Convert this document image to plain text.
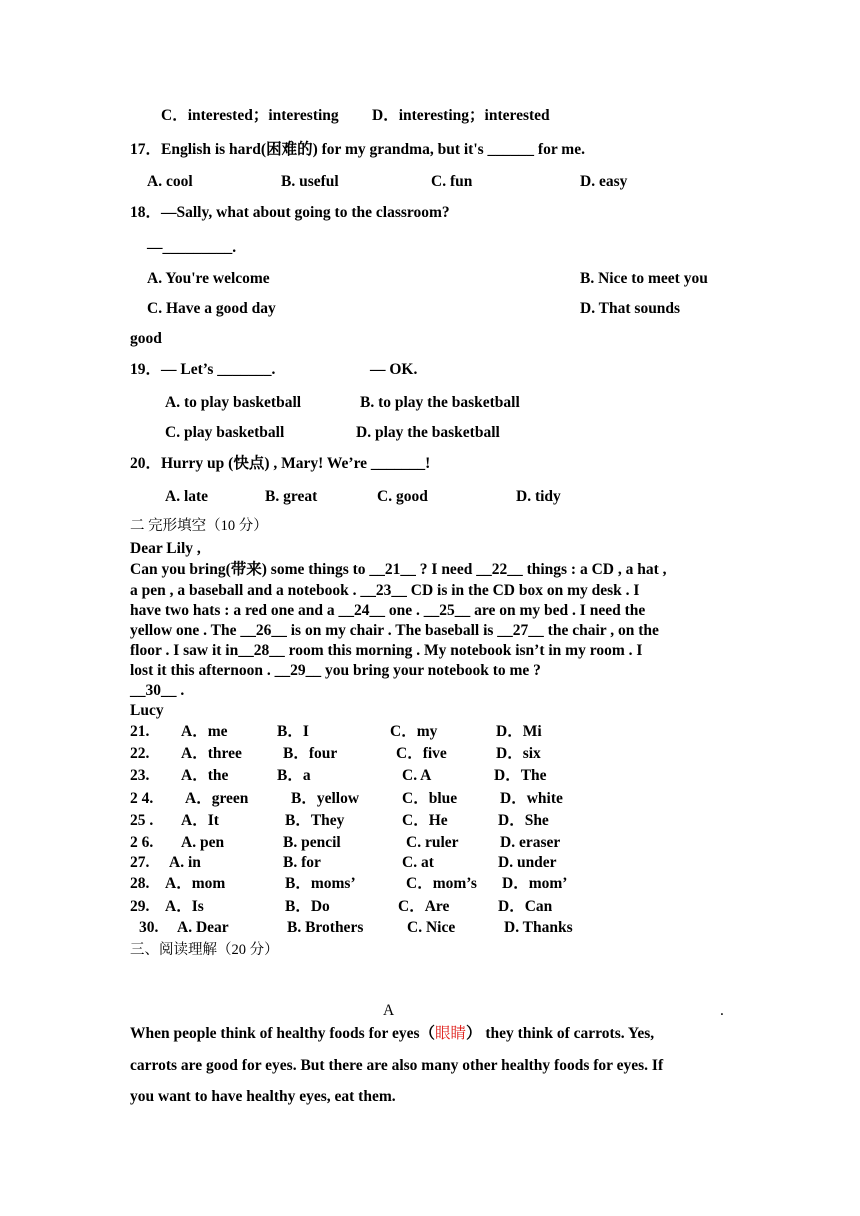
C．interested；interesting D．interesting；interested
17．English is hard(困难的) for my grandma, but it's ______ for me.
A. cool	B. useful	C. fun	D. easy
18．—Sally, what about going to the classroom?
—_________.
A. You're welcome	B. Nice to meet you
C. Have a good day	D. That sounds
good
19．— Let’s _______.	— OK.
A. to play basketball	B. to play the basketball
C. play basketball	D. play the basketball
20．Hurry up (快点) , Mary! We’re _______!
A. late	B. great	C. good	D. tidy
二 完形填空（10 分）
Dear Lily ,
Can you bring(带来) some things to __21__ ? I need __22__ things : a CD , a hat ,
a pen , a baseball and a notebook . __23__ CD is in the CD box on my desk . I
have two hats : a red one and a __24__ one . __25__ are on my bed . I need the
yellow one . The __26__ is on my chair . The baseball is __27__ the chair , on the
floor . I saw it in__28__ room this morning . My notebook isn’t in my room . I
lost it this afternoon . __29__ you bring your notebook to me ?
__30__ .
Lucy
21. A．me	B．I	C．my	D．Mi
22. A．three	B．four	C．five	D．six
23. A．the	B．a	C. A	D．The
2 4. A．green	B．yellow	C．blue	D．white
25 . A．It	B．They	C．He	D．She
2 6. A. pen	B. pencil	C. ruler	D. eraser
27. A. in	B. for	C. at	D. under
28. A．mom	B．moms’	C．mom’s D．mom’
29. A．Is	B．Do	C．Are	D．Can
30. A. Dear	B. Brothers	C. Nice	D. Thanks
三、阅读理解（20 分）
A	.
When people think of healthy foods for eyes（眼睛） they think of carrots. Yes,
carrots are good for eyes. But there are also many other healthy foods for eyes. If
you want to have healthy eyes, eat them.
